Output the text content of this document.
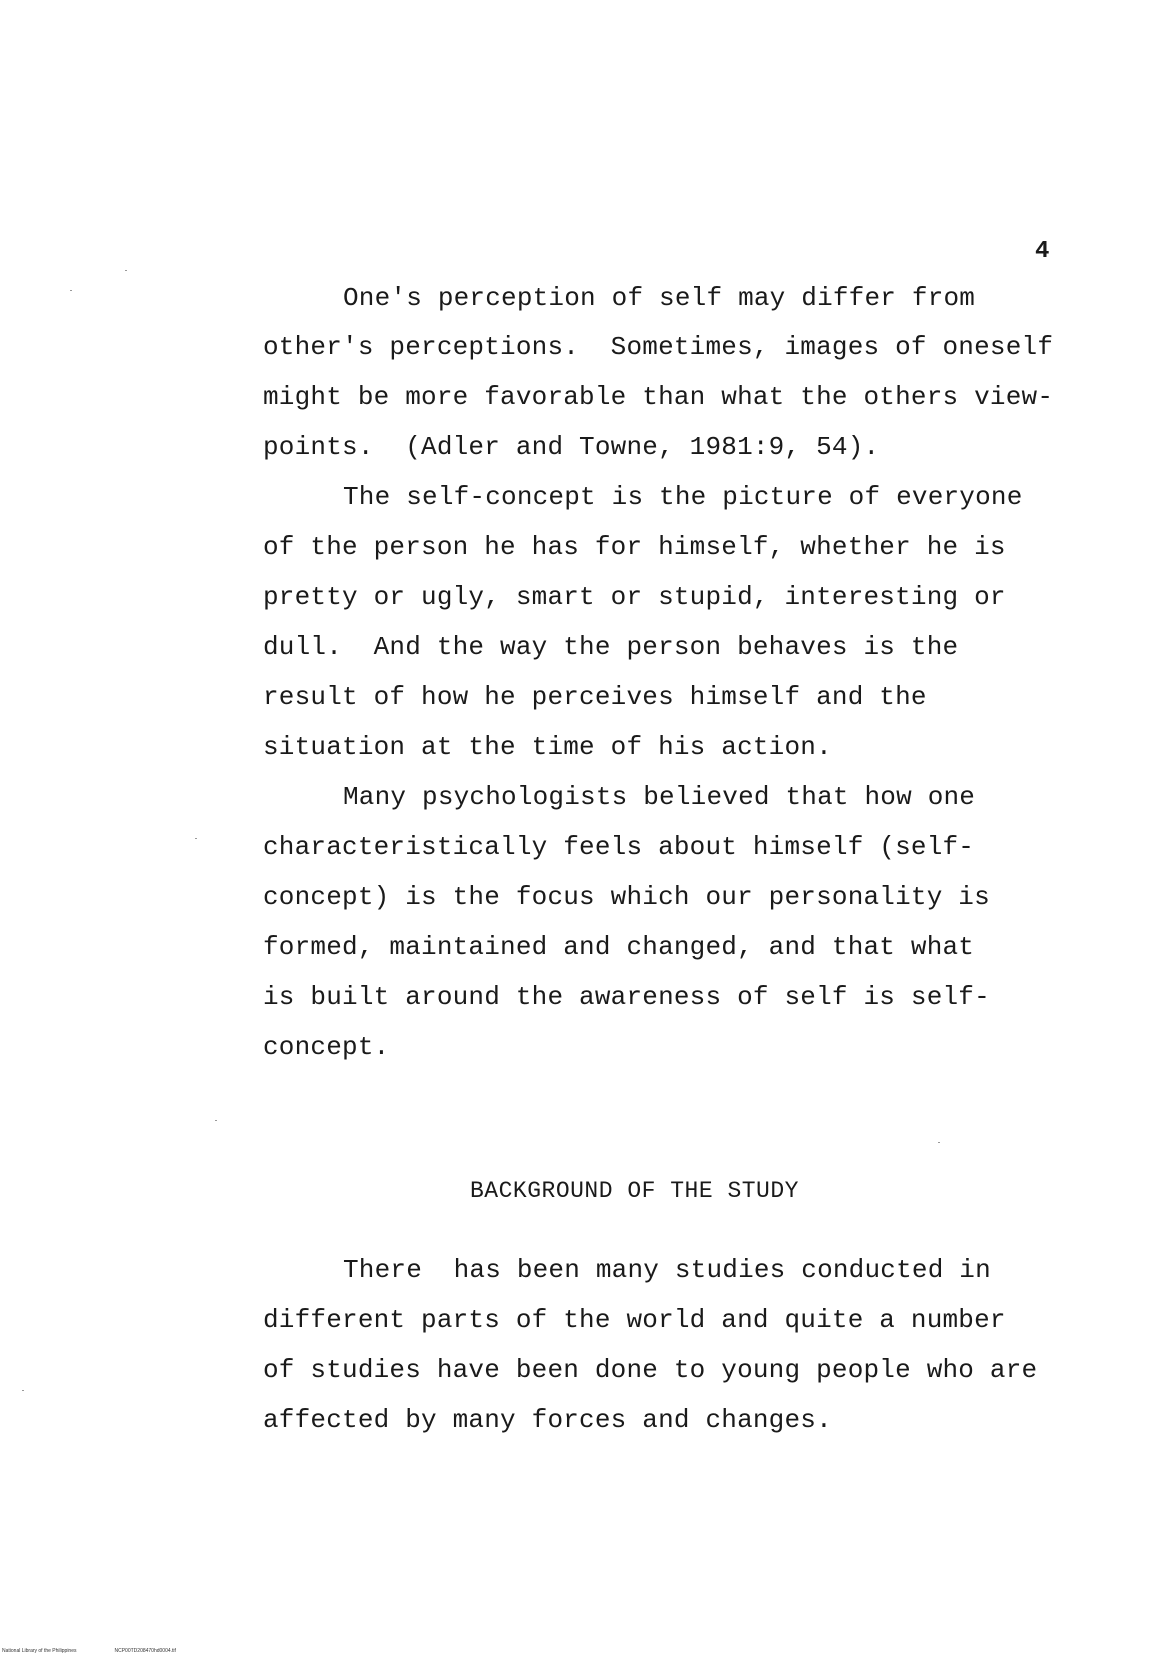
4
One's perception of self may differ from
other's perceptions.  Sometimes, images of oneself
might be more favorable than what the others view-
points.  (Adler and Towne, 1981:9, 54).
The self-concept is the picture of everyone
of the person he has for himself, whether he is
pretty or ugly, smart or stupid, interesting or
dull.  And the way the person behaves is the
result of how he perceives himself and the
situation at the time of his action.
Many psychologists believed that how one
characteristically feels about himself (self-
concept) is the focus which our personality is
formed, maintained and changed, and that what
is built around the awareness of self is self-
concept.
BACKGROUND OF THE STUDY
There  has been many studies conducted in
different parts of the world and quite a number
of studies have been done to young people who are
affected by many forces and changes.
National Library of the Philippines	NCP00TD208470hd0004.tif
